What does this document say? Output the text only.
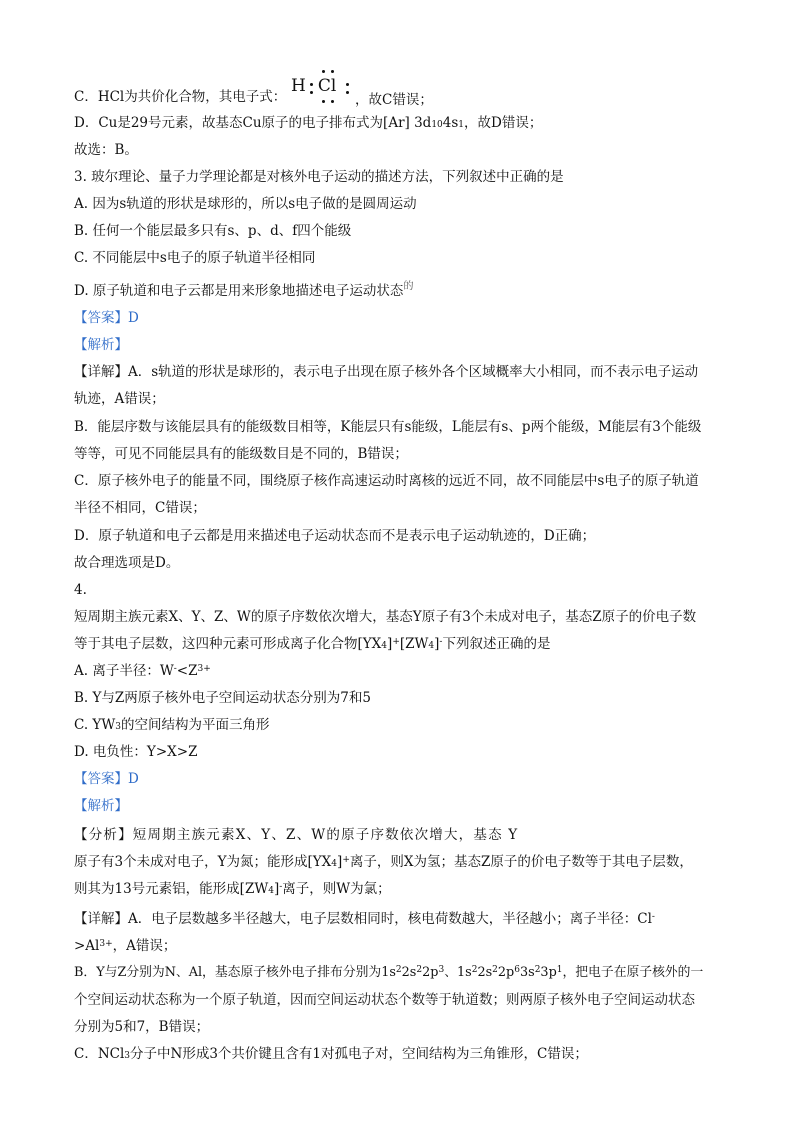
C．HCl为共价化合物，其电子式：
H Cl
，故C错误；
D．Cu是29号元素，故基态Cu原子的电子排布式为[Ar] 3d104s1，故D错误；
故选：B。
3. 玻尔理论、量子力学理论都是对核外电子运动的描述方法，下列叙述中正确的是
A. 因为s轨道的形状是球形的，所以s电子做的是圆周运动
B. 任何一个能层最多只有s、p、d、f四个能级
C. 不同能层中s电子的原子轨道半径相同
D. 原子轨道和电子云都是用来形象地描述电子运动状态$^的$
【答案】D
【解析】
【详解】A．s轨道的形状是球形的，表示电子出现在原子核外各个区域概率大小相同，而不表示电子运动
轨迹，A错误；
B．能层序数与该能层具有的能级数目相等，K能层只有s能级，L能层有s、p两个能级，M能层有3个能级
等等，可见不同能层具有的能级数目是不同的，B错误；
C．原子核外电子的能量不同，围绕原子核作高速运动时离核的远近不同，故不同能层中s电子的原子轨道
半径不相同，C错误；
D．原子轨道和电子云都是用来描述电子运动状态而不是表示电子运动轨迹的，D正确；
故合理选项是D。
4.
短周期主族元素X、Y、Z、W的原子序数依次增大，基态Y原子有3个未成对电子，基态Z原子的价电子数
等于其电子层数，这四种元素可形成离子化合物[YX4]+[ZW4]-下列叙述正确的是
A. 离子半径：$W^-<Z^{3+}$
B. Y与Z两原子核外电子空间运动状态分别为7和5
C. YW3的空间结构为平面三角形
D. 电负性：Y>X>Z
【答案】D
【解析】
【分析】短周期主族元素X、Y、Z、W的原子序数依次增大，基态 Y
原子有3个未成对电子，Y为氮；能形成[YX4]+离子，则X为氢；基态Z原子的价电子数等于其电子层数，
则其为13号元素铝，能形成[ZW4]-离子，则W为氯；
【详解】A．电子层数越多半径越大，电子层数相同时，核电荷数越大，半径越小；离子半径：Cl-
$>Al^{3+}$，A错误；
B．Y与Z分别为N、Al，基态原子核外电子排布分别为$1s^22s^22p^3$、$1s^22s^22p^63s^23p^1$，把电子在原子核外的一
个空间运动状态称为一个原子轨道，因而空间运动状态个数等于轨道数；则两原子核外电子空间运动状态
分别为5和7，B错误；
C．NCl3分子中N形成3个共价键且含有1对孤电子对，空间结构为三角锥形，C错误；
